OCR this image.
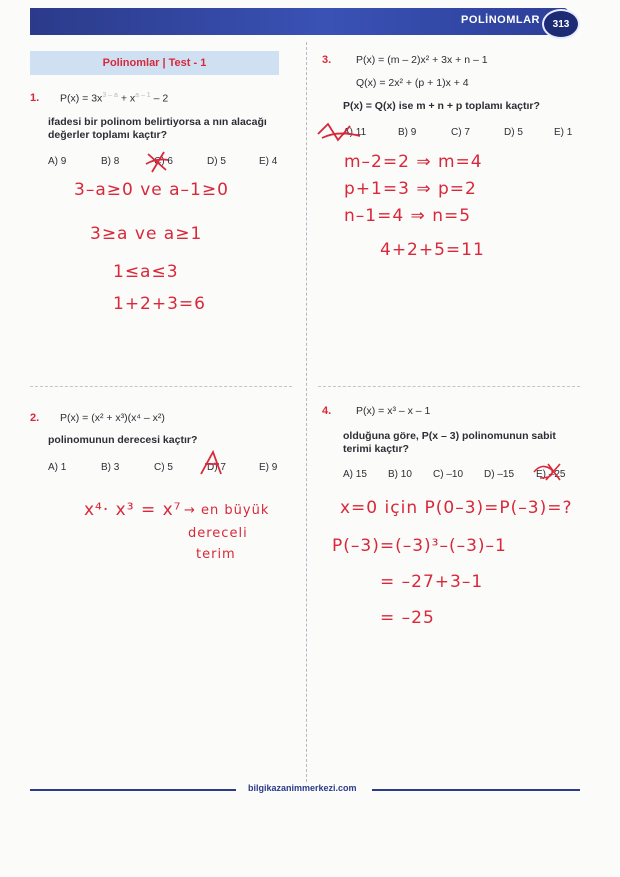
POLİNOMLAR	313
Polinomlar | Test - 1
1. $P(x) = 3x^{3 - a} + x^{a - 1} - 2$
ifadesi bir polinom belirtiyorsa a nın alacağı
değerler toplamı kaçtır?
A) 9	B) 8	C) 6	D) 5	E) 4
3–a≥0 ve a–1≥0
3≥a ve a≥1
1≤a≤3
1+2+3=6
2. P(x) = (x² + x³)(x⁴ – x²)
polinomunun derecesi kaçtır?
A) 1	B) 3	C) 5	D) 7	E) 9
x⁴· x³ = x⁷ → en büyük
dereceli
terim
3. P(x) = (m – 2)x² + 3x + n – 1
Q(x) = 2x² + (p + 1)x + 4
P(x) = Q(x) ise m + n + p toplamı kaçtır?
A) 11	B) 9	C) 7	D) 5	E) 1
m–2=2 ⇒ m=4
p+1=3 ⇒ p=2
n–1=4 ⇒ n=5
4+2+5=11
4. P(x) = x³ – x – 1
olduğuna göre, P(x – 3) polinomunun sabit
terimi kaçtır?
A) 15 B) 10 C) –10 D) –15 E) –25
x=0 için P(0–3)=P(–3)=?
P(–3)=(–3)³–(–3)–1
= –27+3–1
= –25
bilgikazanimmerkezi.com
